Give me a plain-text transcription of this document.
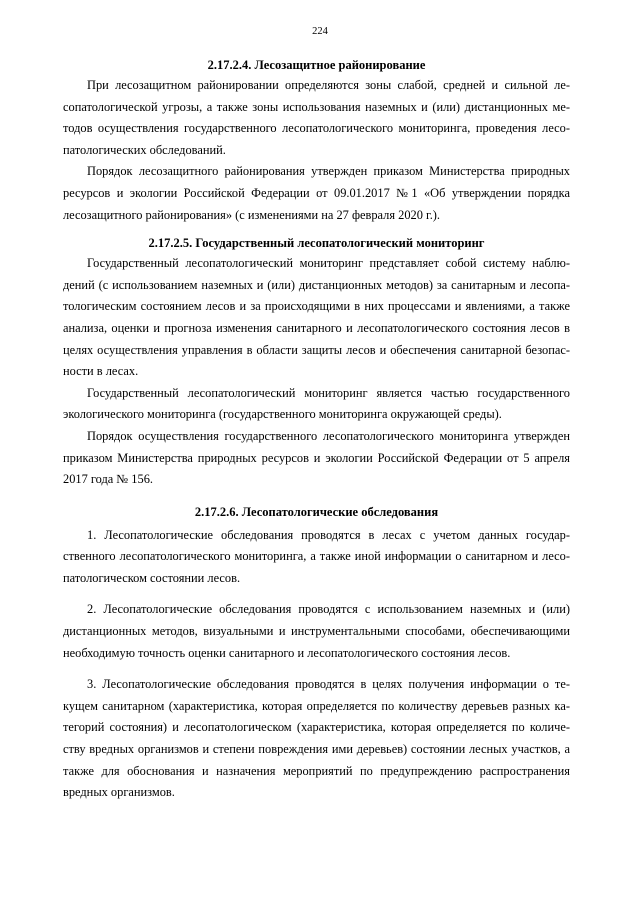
224
2.17.2.4. Лесозащитное районирование

При лесозащитном районировании определяются зоны слабой, средней и сильной лесопатологической угрозы, а также зоны использования наземных и (или) дистанционных методов осуществления государственного лесопатологического мониторинга, проведения лесопатологических обследований.

Порядок лесозащитного районирования утвержден приказом Министерства природных ресурсов и экологии Российской Федерации от 09.01.2017 №1 «Об утверждении порядка лесозащитного районирования» (с изменениями на 27 февраля 2020 г.).

2.17.2.5. Государственный лесопатологический мониторинг

Государственный лесопатологический мониторинг представляет собой систему наблюдений (с использованием наземных и (или) дистанционных методов) за санитарным и лесопатологическим состоянием лесов и за происходящими в них процессами и явлениями, а также анализа, оценки и прогноза изменения санитарного и лесопатологического состояния лесов в целях осуществления управления в области защиты лесов и обеспечения санитарной безопасности в лесах.

Государственный лесопатологический мониторинг является частью государственного экологического мониторинга (государственного мониторинга окружающей среды).

Порядок осуществления государственного лесопатологического мониторинга утвержден приказом Министерства природных ресурсов и экологии Российской Федерации от 5 апреля 2017 года № 156.

2.17.2.6. Лесопатологические обследования

1. Лесопатологические обследования проводятся в лесах с учетом данных государственного лесопатологического мониторинга, а также иной информации о санитарном и лесопатологическом состоянии лесов.

2. Лесопатологические обследования проводятся с использованием наземных и (или) дистанционных методов, визуальными и инструментальными способами, обеспечивающими необходимую точность оценки санитарного и лесопатологического состояния лесов.

3. Лесопатологические обследования проводятся в целях получения информации о текущем санитарном (характеристика, которая определяется по количеству деревьев разных категорий состояния) и лесопатологическом (характеристика, которая определяется по количеству вредных организмов и степени повреждения ими деревьев) состоянии лесных участков, а также для обоснования и назначения мероприятий по предупреждению распространения вредных организмов.
